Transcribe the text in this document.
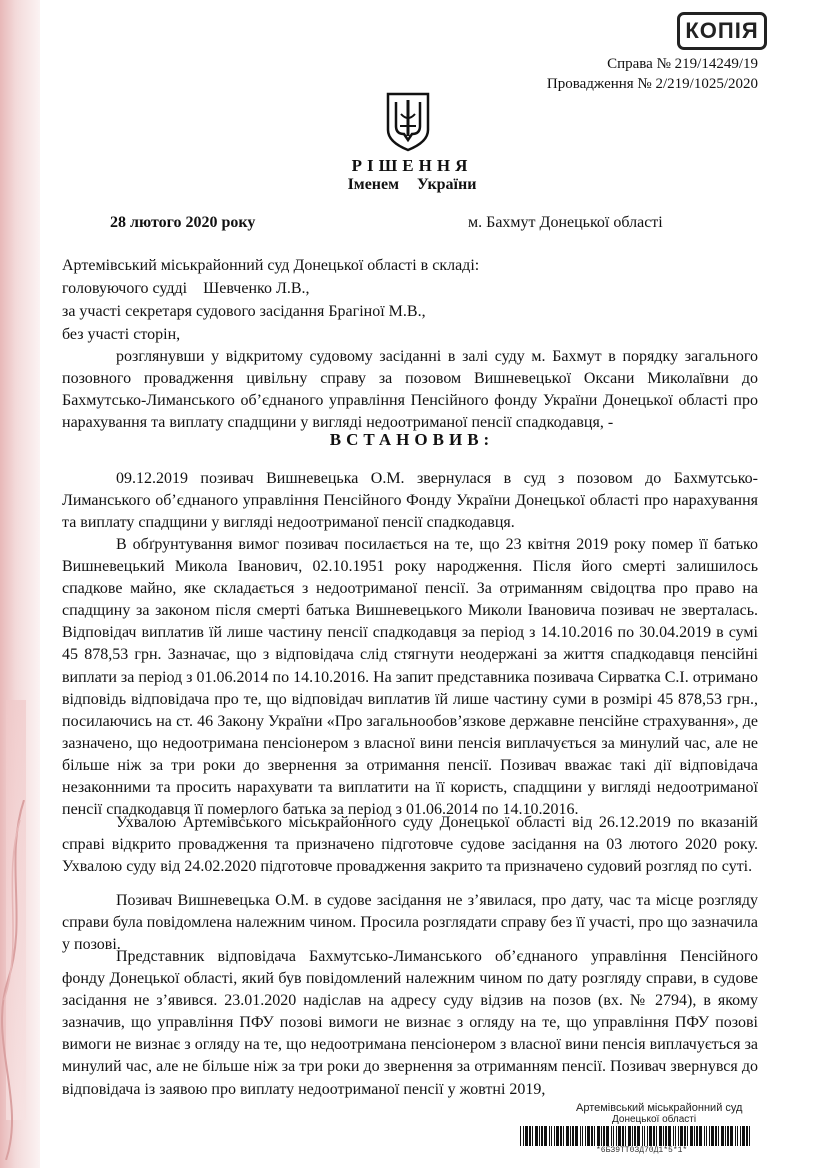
КОПІЯ
Справа № 219/14249/19
Провадження № 2/219/1025/2020
РІШЕННЯ
Іменем України
28 лютого 2020 року	м. Бахмут Донецької області
Артемівський міськрайонний суд Донецької області в складі:
головуючого судді    Шевченко Л.В.,
за участі секретаря судового засідання Брагіної М.В.,
без участі сторін,

розглянувши у відкритому судовому засіданні в залі суду м. Бахмут в порядку загального позовного провадження цивільну справу за позовом Вишневецької Оксани Миколаївни до Бахмутсько-Лиманського об’єднаного управління Пенсійного фонду України Донецької області про нарахування та виплату спадщини у вигляді недоотриманої пенсії спадкодавця, -

ВСТАНОВИВ:

09.12.2019 позивач Вишневецька О.М. звернулася в суд з позовом до Бахмутсько-Лиманського об’єднаного управління Пенсійного Фонду України Донецької області про нарахування та виплату спадщини у вигляді недоотриманої пенсії спадкодавця.

В обґрунтування вимог позивач посилається на те, що 23 квітня 2019 року помер її батько Вишневецький Микола Іванович, 02.10.1951 року народження. Після його смерті залишилось спадкове майно, яке складається з недоотриманої пенсії. За отриманням свідоцтва про право на спадщину за законом після смерті батька Вишневецького Миколи Івановича позивач не зверталась. Відповідач виплатив їй лише частину пенсії спадкодавця за період з 14.10.2016 по 30.04.2019 в сумі 45 878,53 грн. Зазначає, що з відповідача слід стягнути неодержані за життя спадкодавця пенсійні виплати за період з 01.06.2014 по 14.10.2016. На запит представника позивача Сирватка С.І. отримано відповідь відповідача про те, що відповідач виплатив їй лише частину суми в розмірі 45 878,53 грн., посилаючись на ст. 46 Закону України «Про загальнообов’язкове державне пенсійне страхування», де зазначено, що недоотримана пенсіонером з власної вини пенсія виплачується за минулий час, але не більше ніж за три роки до звернення за отримання пенсії. Позивач вважає такі дії відповідача незаконними та просить нарахувати та виплатити на її користь, спадщини у вигляді недоотриманої пенсії спадкодавця її померлого батька за період з 01.06.2014 по 14.10.2016.

Ухвалою Артемівського міськрайонного суду Донецької області від 26.12.2019 по вказаній справі відкрито провадження та призначено підготовче судове засідання на 03 лютого 2020 року. Ухвалою суду від 24.02.2020 підготовче провадження закрито та призначено судовий розгляд по суті.

Позивач Вишневецька О.М. в судове засідання не з’явилася, про дату, час та місце розгляду справи була повідомлена належним чином. Просила розглядати справу без її участі, про що зазначила у позові.

Представник відповідача Бахмутсько-Лиманського об’єднаного управління Пенсійного фонду Донецької області, який був повідомлений належним чином по дату розгляду справи, в судове засідання не з’явився. 23.01.2020 надіслав на адресу суду відзив на позов (вх. № 2794), в якому зазначив, що управління ПФУ позові вимоги не визнає з огляду на те, що управління ПФУ позові вимоги не визнає з огляду на те, що недоотримана пенсіонером з власної вини пенсія виплачується за минулий час, але не більше ніж за три роки до звернення за отриманням пенсії. Позивач звернувся до відповідача із заявою про виплату недоотриманої пенсії у жовтні 2019,

Артемівський міськрайонний суд
Донецької області
*6БЗ9ТТ0ЗД70Д1*5*1*
